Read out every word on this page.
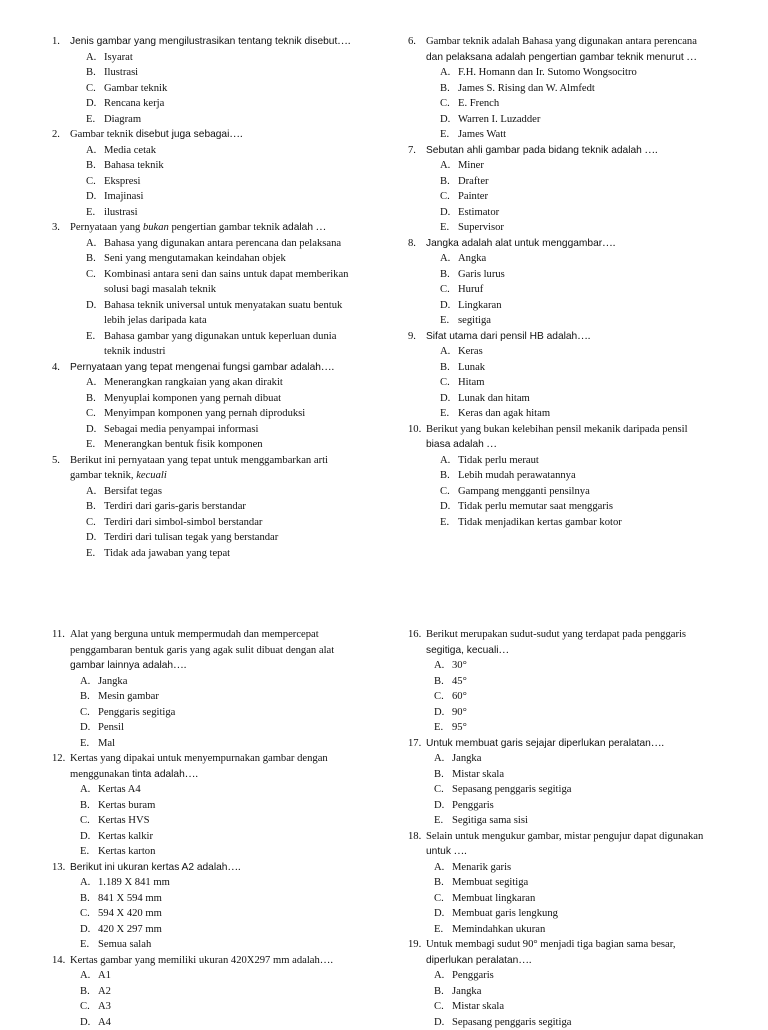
1. Jenis gambar yang mengilustrasikan tentang teknik disebut….
A. Isyarat
B. Ilustrasi
C. Gambar teknik
D. Rencana kerja
E. Diagram
2. Gambar teknik disebut juga sebagai….
A. Media cetak
B. Bahasa teknik
C. Ekspresi
D. Imajinasi
E. ilustrasi
3. Pernyataan yang bukan pengertian gambar teknik adalah …
A. Bahasa yang digunakan antara perencana dan pelaksana
B. Seni yang mengutamakan keindahan objek
C. Kombinasi antara seni dan sains untuk dapat memberikan
solusi bagi masalah teknik
D. Bahasa teknik universal untuk menyatakan suatu bentuk
lebih jelas daripada kata
E. Bahasa gambar yang digunakan untuk keperluan dunia
teknik industri
4. Pernyataan yang tepat mengenai fungsi gambar adalah….
A. Menerangkan rangkaian yang akan dirakit
B. Menyuplai komponen yang pernah dibuat
C. Menyimpan komponen yang pernah diproduksi
D. Sebagai media penyampai informasi
E. Menerangkan bentuk fisik komponen
5. Berikut ini pernyataan yang tepat untuk menggambarkan arti
gambar teknik, kecuali
A. Bersifat tegas
B. Terdiri dari garis-garis berstandar
C. Terdiri dari simbol-simbol berstandar
D. Terdiri dari tulisan tegak yang berstandar
E. Tidak ada jawaban yang tepat
6. Gambar teknik adalah Bahasa yang digunakan antara perencana
dan pelaksana adalah pengertian gambar teknik menurut …
A. F.H. Homann dan Ir. Sutomo Wongsocitro
B. James S. Rising dan W. Almfedt
C. E. French
D. Warren I. Luzadder
E. James Watt
7. Sebutan ahli gambar pada bidang teknik adalah ….
A. Miner
B. Drafter
C. Painter
D. Estimator
E. Supervisor
8. Jangka adalah alat untuk menggambar….
A. Angka
B. Garis lurus
C. Huruf
D. Lingkaran
E. segitiga
9. Sifat utama dari pensil HB adalah….
A. Keras
B. Lunak
C. Hitam
D. Lunak dan hitam
E. Keras dan agak hitam
10. Berikut yang bukan kelebihan pensil mekanik daripada pensil
biasa adalah …
A. Tidak perlu meraut
B. Lebih mudah perawatannya
C. Gampang mengganti pensilnya
D. Tidak perlu memutar saat menggaris
E. Tidak menjadikan kertas gambar kotor
11. Alat yang berguna untuk mempermudah dan mempercepat
penggambaran bentuk garis yang agak sulit dibuat dengan alat
gambar lainnya adalah….
A. Jangka
B. Mesin gambar
C. Penggaris segitiga
D. Pensil
E. Mal
12. Kertas yang dipakai untuk menyempurnakan gambar dengan
menggunakan tinta adalah….
A. Kertas A4
B. Kertas buram
C. Kertas HVS
D. Kertas kalkir
E. Kertas karton
13. Berikut ini ukuran kertas A2 adalah….
A. 1.189 X 841 mm
B. 841 X 594 mm
C. 594 X 420 mm
D. 420 X 297 mm
E. Semua salah
14. Kertas gambar yang memiliki ukuran 420X297 mm adalah….
A. A1
B. A2
C. A3
D. A4
16. Berikut merupakan sudut-sudut yang terdapat pada penggaris
segitiga, kecuali…
A. 30°
B. 45°
C. 60°
D. 90°
E. 95°
17. Untuk membuat garis sejajar diperlukan peralatan….
A. Jangka
B. Mistar skala
C. Sepasang penggaris segitiga
D. Penggaris
E. Segitiga sama sisi
18. Selain untuk mengukur gambar, mistar pengujur dapat digunakan
untuk ….
A. Menarik garis
B. Membuat segitiga
C. Membuat lingkaran
D. Membuat garis lengkung
E. Memindahkan ukuran
19. Untuk membagi sudut 90° menjadi tiga bagian sama besar,
diperlukan peralatan….
A. Penggaris
B. Jangka
C. Mistar skala
D. Sepasang penggaris segitiga
